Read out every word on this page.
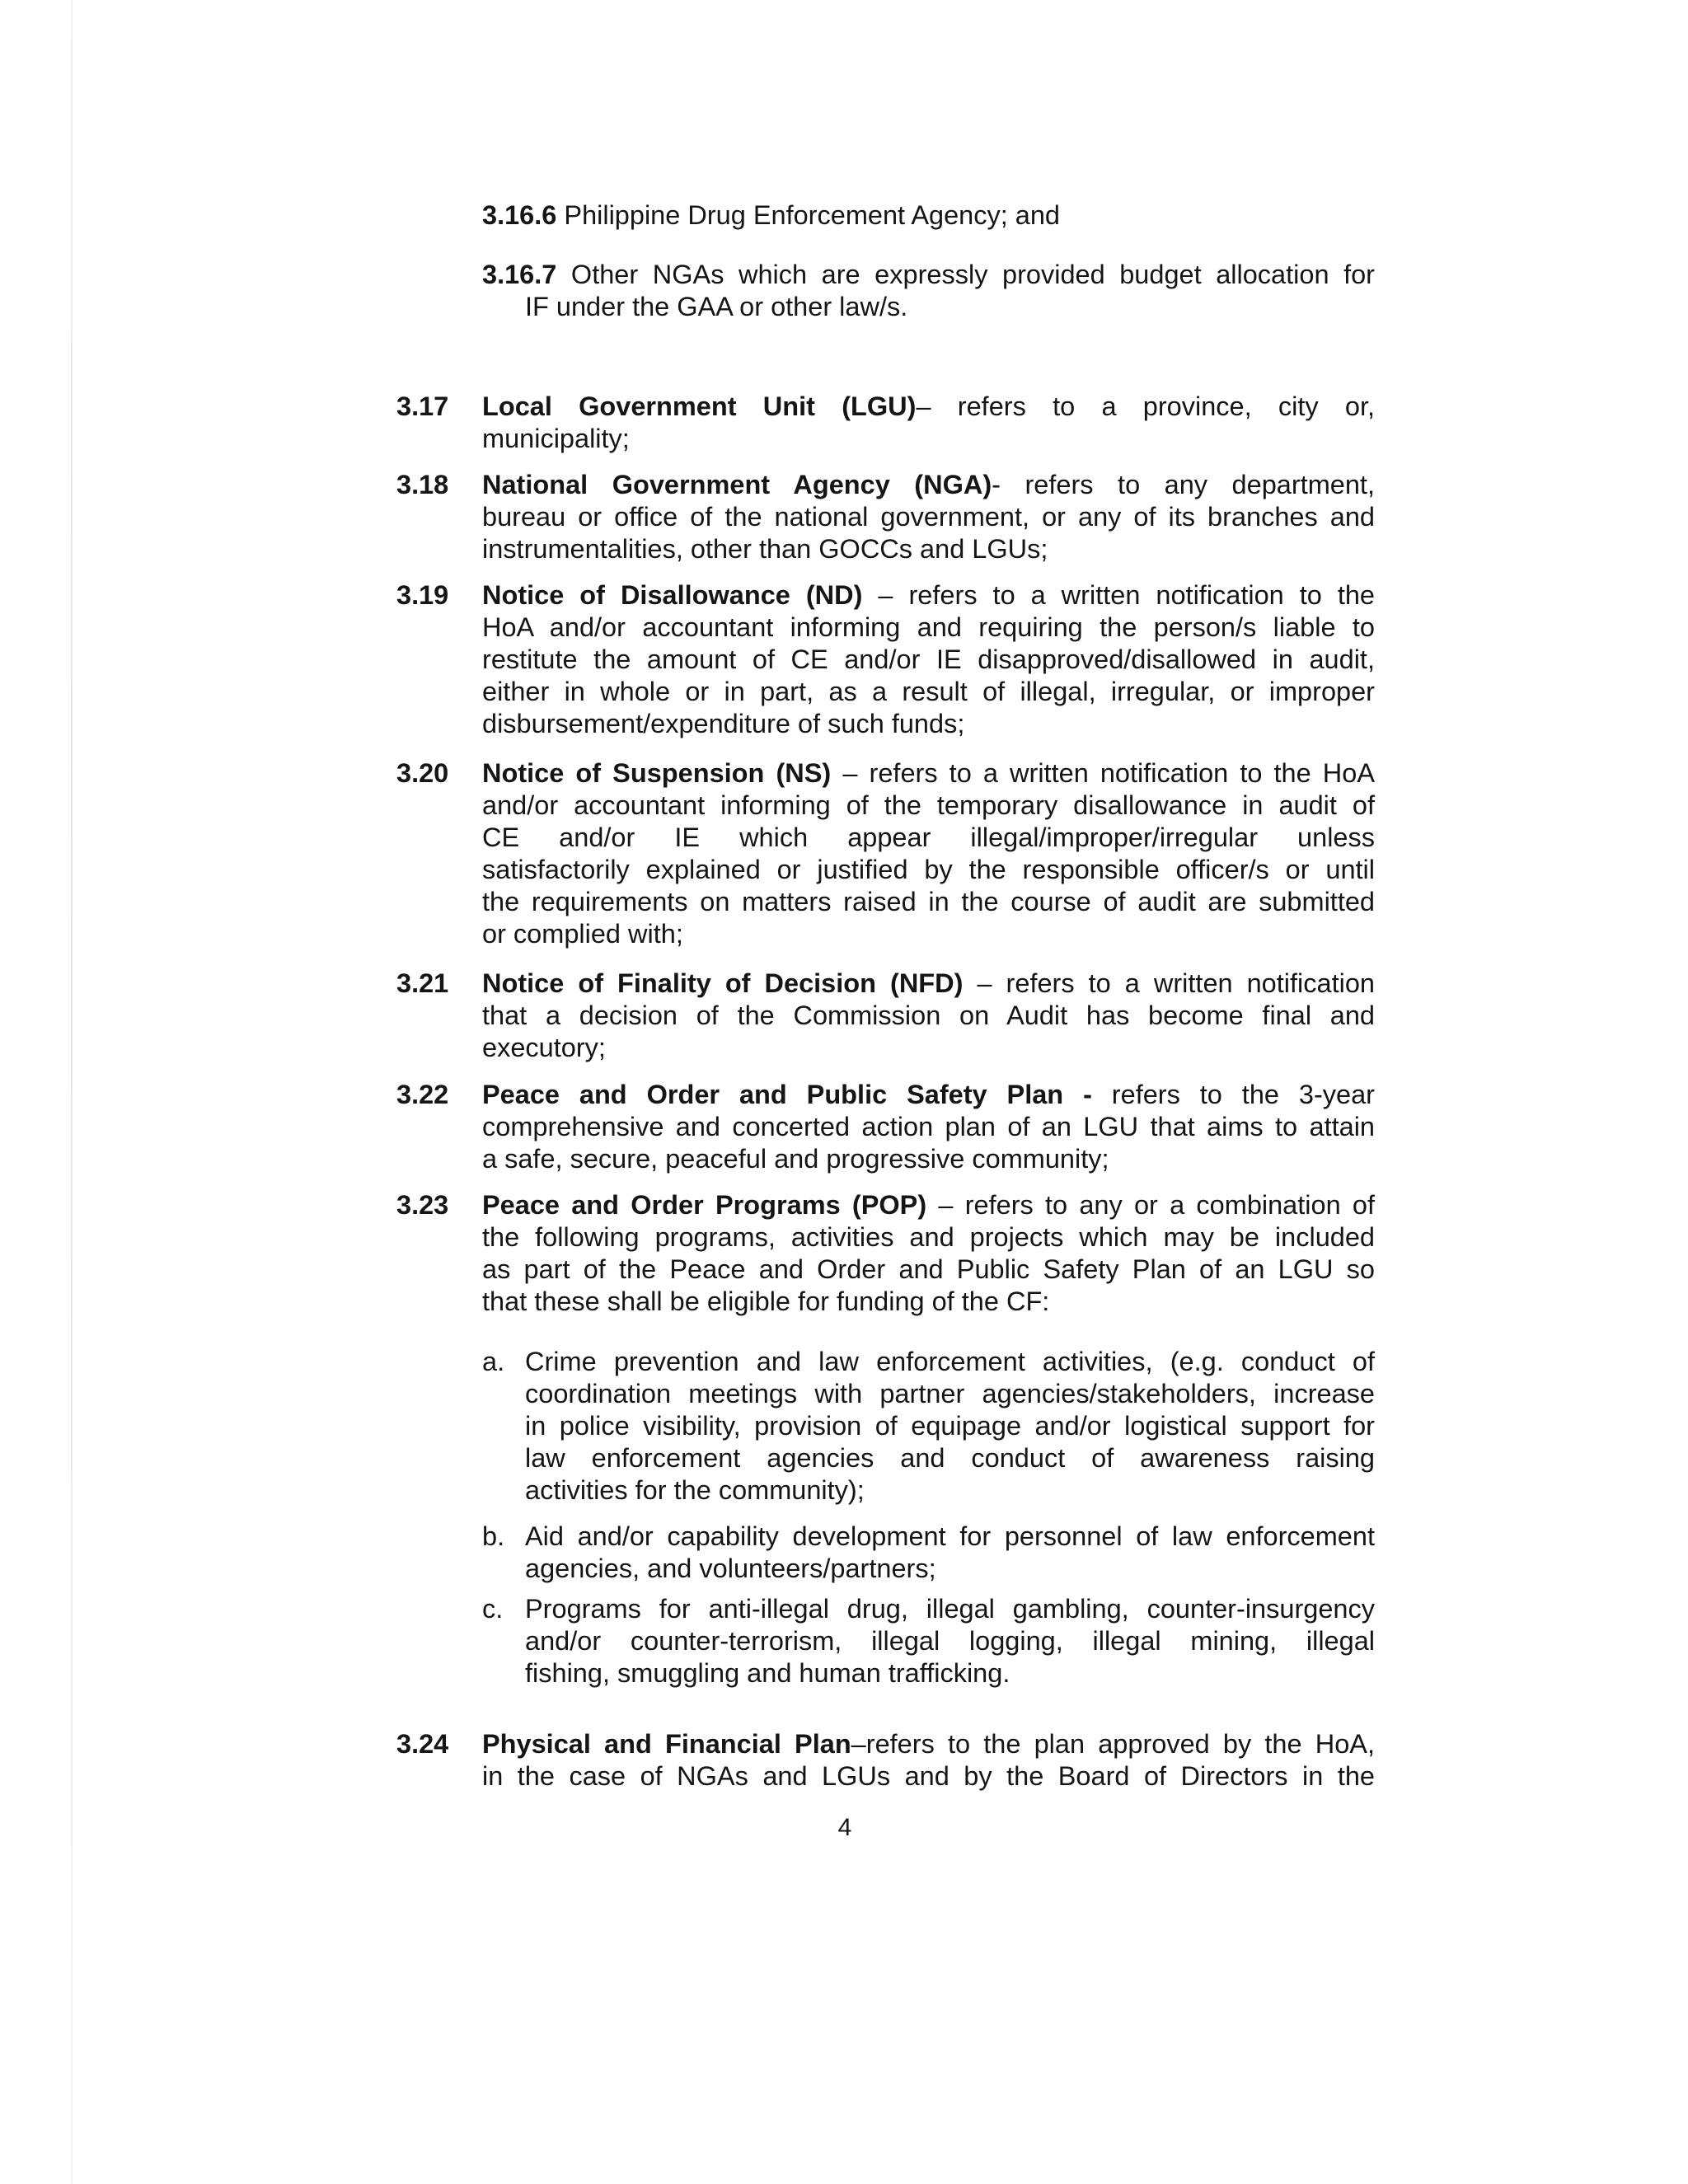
3.16.6 Philippine Drug Enforcement Agency; and
3.16.7 Other NGAs which are expressly provided budget allocation for
IF under the GAA or other law/s.
3.17 Local Government Unit (LGU)– refers to a province, city or,
municipality;
3.18 National Government Agency (NGA)- refers to any department,
bureau or office of the national government, or any of its branches and
instrumentalities, other than GOCCs and LGUs;
3.19 Notice of Disallowance (ND) – refers to a written notification to the
HoA and/or accountant informing and requiring the person/s liable to
restitute the amount of CE and/or IE disapproved/disallowed in audit,
either in whole or in part, as a result of illegal, irregular, or improper
disbursement/expenditure of such funds;
3.20 Notice of Suspension (NS) – refers to a written notification to the HoA
and/or accountant informing of the temporary disallowance in audit of
CE and/or IE which appear illegal/improper/irregular unless
satisfactorily explained or justified by the responsible officer/s or until
the requirements on matters raised in the course of audit are submitted
or complied with;
3.21 Notice of Finality of Decision (NFD) – refers to a written notification
that a decision of the Commission on Audit has become final and
executory;
3.22 Peace and Order and Public Safety Plan - refers to the 3-year
comprehensive and concerted action plan of an LGU that aims to attain
a safe, secure, peaceful and progressive community;
3.23 Peace and Order Programs (POP) – refers to any or a combination of
the following programs, activities and projects which may be included
as part of the Peace and Order and Public Safety Plan of an LGU so
that these shall be eligible for funding of the CF:
a. Crime prevention and law enforcement activities, (e.g. conduct of
coordination meetings with partner agencies/stakeholders, increase
in police visibility, provision of equipage and/or logistical support for
law enforcement agencies and conduct of awareness raising
activities for the community);
b. Aid and/or capability development for personnel of law enforcement
agencies, and volunteers/partners;
c. Programs for anti-illegal drug, illegal gambling, counter-insurgency
and/or counter-terrorism, illegal logging, illegal mining, illegal
fishing, smuggling and human trafficking.
3.24 Physical and Financial Plan–refers to the plan approved by the HoA,
in the case of NGAs and LGUs and by the Board of Directors in the
4
